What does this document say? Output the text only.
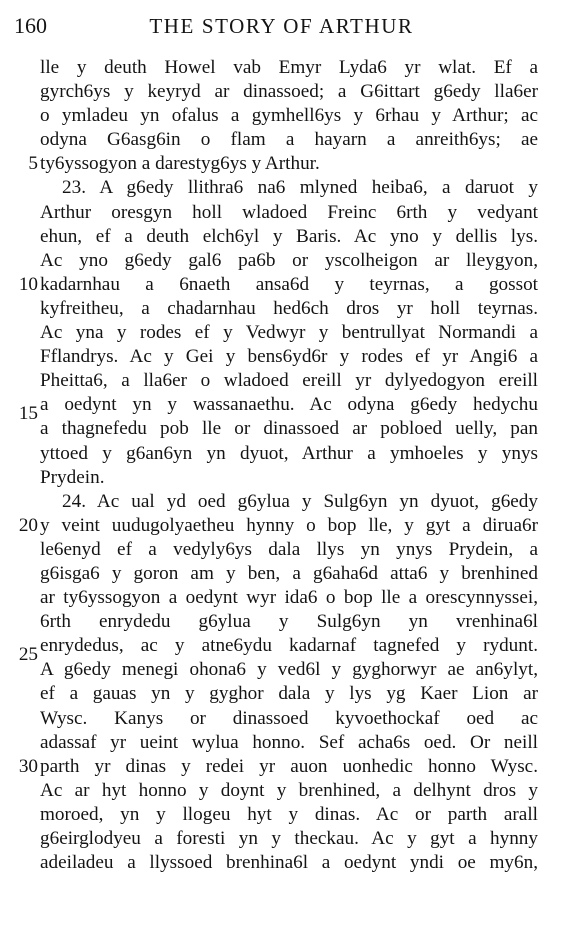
160	THE STORY OF ARTHUR
lle y deuth Howel vab Emyr Lyda6 yr wlat. Ef a
gyrch6ys y keyryd ar dinassoed; a G6ittart g6edy lla6er
o ymladeu yn ofalus a gymhell6ys y 6rhau y Arthur; ac
odyna G6asg6in o flam a hayarn a anreith6ys; ae
5 ty6yssogyon a darestyg6ys y Arthur.
23. A g6edy llithra6 na6 mlyned heiba6, a daruot y
Arthur oresgyn holl wladoed Freinc 6rth y vedyant
ehun, ef a deuth elch6yl y Baris. Ac yno y dellis lys.
Ac yno g6edy gal6 pa6b or yscolheigon ar lleygyon,
10 kadarnhau a 6naeth ansa6d y teyrnas, a gossot
kyfreitheu, a chadarnhau hed6ch dros yr holl teyrnas.
Ac yna y rodes ef y Vedwyr y bentrullyat Normandi a
Fflandrys. Ac y Gei y bens6yd6r y rodes ef yr Angi6 a
Pheitta6, a lla6er o wladoed ereill yr dylyedogyon ereill
15 a oedynt yn y wassanaethu. Ac odyna g6edy hedychu
a thagnefedu pob lle or dinassoed ar pobloed uelly, pan
yttoed y g6an6yn yn dyuot, Arthur a ymhoeles y ynys
Prydein.
24. Ac ual yd oed g6ylua y Sulg6yn yn dyuot, g6edy
20 y veint uudugolyaetheu hynny o bop lle, y gyt a dirua6r
le6enyd ef a vedyly6ys dala llys yn ynys Prydein, a
g6isga6 y goron am y ben, a g6aha6d atta6 y brenhined
ar ty6yssogyon a oedynt wyr ida6 o bop lle a orescynnyssei,
6rth enrydedu g6ylua y Sulg6yn yn vrenhina6l
25 enrydedus, ac y atne6ydu kadarnaf tagnefed y rydunt.
A g6edy menegi ohona6 y ved6l y gyghorwyr ae an6ylyt,
ef a gauas yn y gyghor dala y lys yg Kaer Lion ar
Wysc. Kanys or dinassoed kyvoethockaf oed ac
adassaf yr ueint wylua honno. Sef acha6s oed. Or neill
30 parth yr dinas y redei yr auon uonhedic honno Wysc.
Ac ar hyt honno y doynt y brenhined, a delhynt dros y
moroed, yn y llogeu hyt y dinas. Ac or parth arall
g6eirglodyeu a foresti yn y theckau. Ac y gyt a hynny
adeiladeu a llyssoed brenhina6l a oedynt yndi oe my6n,
